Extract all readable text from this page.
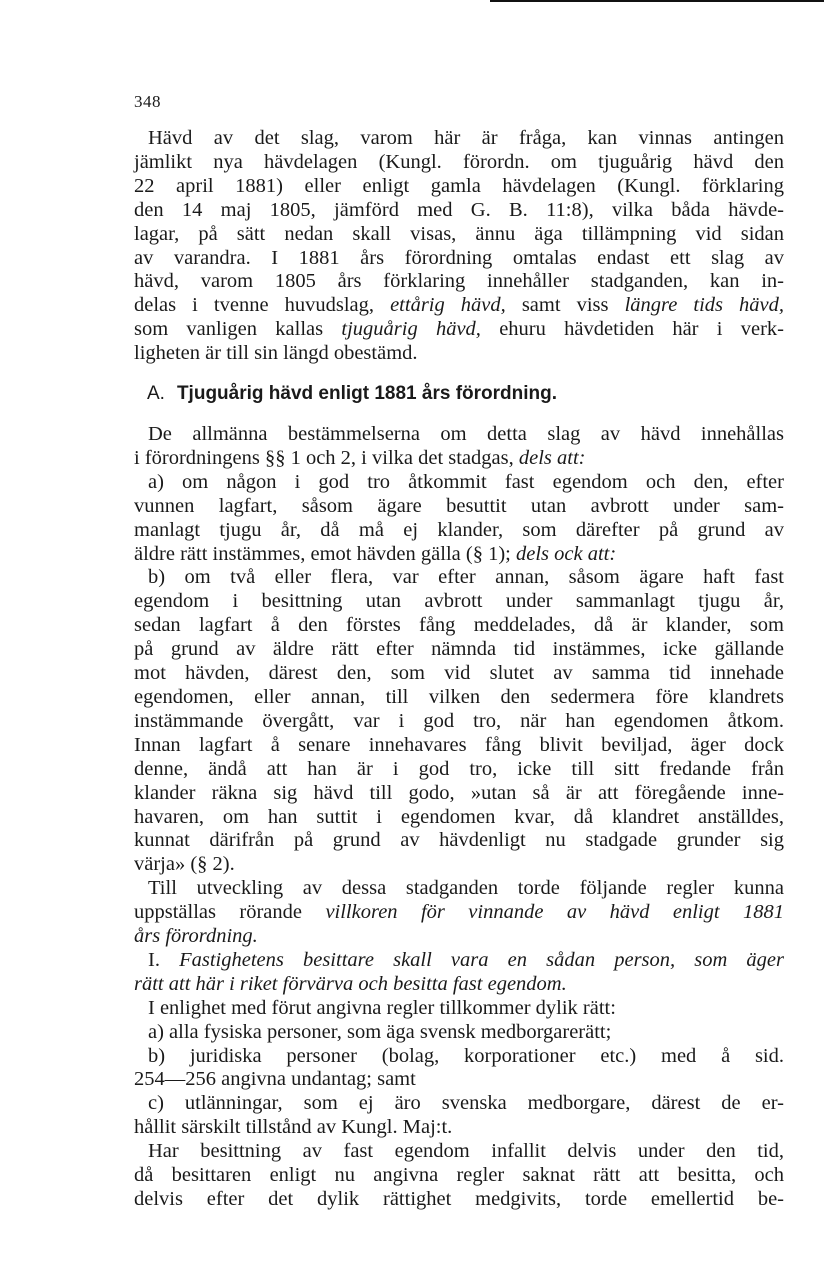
348
Hävd av det slag, varom här är fråga, kan vinnas antingen
jämlikt nya hävdelagen (Kungl. förordn. om tjuguårig hävd den
22 april 1881) eller enligt gamla hävdelagen (Kungl. förklaring
den 14 maj 1805, jämförd med G. B. 11:8), vilka båda hävde-
lagar, på sätt nedan skall visas, ännu äga tillämpning vid sidan
av varandra. I 1881 års förordning omtalas endast ett slag av
hävd, varom 1805 års förklaring innehåller stadganden, kan in-
delas i tvenne huvudslag, ettårig hävd, samt viss längre tids hävd,
som vanligen kallas tjuguårig hävd, ehuru hävdetiden här i verk-
ligheten är till sin längd obestämd.
A. Tjuguårig hävd enligt 1881 års förordning.
De allmänna bestämmelserna om detta slag av hävd innehållas
i förordningens §§ 1 och 2, i vilka det stadgas, dels att:
a) om någon i god tro åtkommit fast egendom och den, efter
vunnen lagfart, såsom ägare besuttit utan avbrott under sam-
manlagt tjugu år, då må ej klander, som därefter på grund av
äldre rätt instämmes, emot hävden gälla (§ 1); dels ock att:
b) om två eller flera, var efter annan, såsom ägare haft fast
egendom i besittning utan avbrott under sammanlagt tjugu år,
sedan lagfart å den förstes fång meddelades, då är klander, som
på grund av äldre rätt efter nämnda tid instämmes, icke gällande
mot hävden, därest den, som vid slutet av samma tid innehade
egendomen, eller annan, till vilken den sedermera före klandrets
instämmande övergått, var i god tro, när han egendomen åtkom.
Innan lagfart å senare innehavares fång blivit beviljad, äger dock
denne, ändå att han är i god tro, icke till sitt fredande från
klander räkna sig hävd till godo, »utan så är att föregående inne-
havaren, om han suttit i egendomen kvar, då klandret anställdes,
kunnat därifrån på grund av hävdenligt nu stadgade grunder sig
värja» (§ 2).
Till utveckling av dessa stadganden torde följande regler kunna
uppställas rörande villkoren för vinnande av hävd enligt 1881
års förordning.
I. Fastighetens besittare skall vara en sådan person, som äger
rätt att här i riket förvärva och besitta fast egendom.
I enlighet med förut angivna regler tillkommer dylik rätt:
a) alla fysiska personer, som äga svensk medborgarerätt;
b) juridiska personer (bolag, korporationer etc.) med å sid.
254—256 angivna undantag; samt
c) utlänningar, som ej äro svenska medborgare, därest de er-
hållit särskilt tillstånd av Kungl. Maj:t.
Har besittning av fast egendom infallit delvis under den tid,
då besittaren enligt nu angivna regler saknat rätt att besitta, och
delvis efter det dylik rättighet medgivits, torde emellertid be-
